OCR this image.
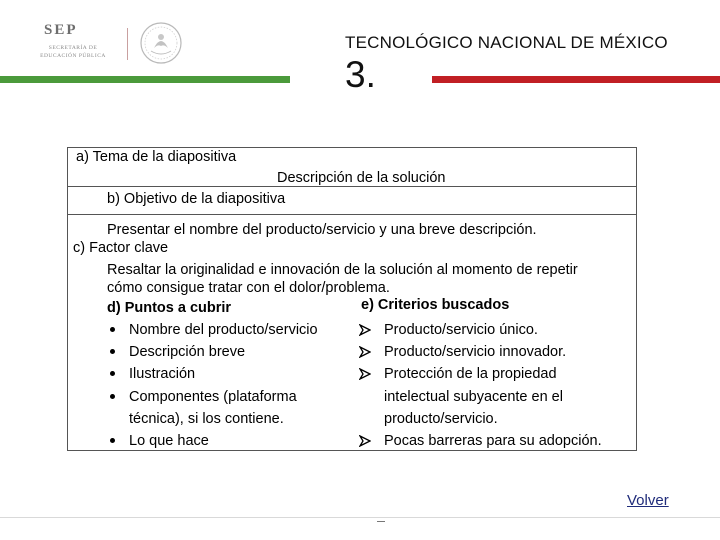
SEP
SECRETARÍA DE
EDUCACIÓN PÚBLICA
TECNOLÓGICO NACIONAL DE MÉXICO
3.
a) Tema de la diapositiva
Descripción de la solución
b) Objetivo de la diapositiva
Presentar el nombre del producto/servicio y una breve descripción.
c) Factor clave
Resaltar la originalidad e innovación de la solución al momento de repetir
cómo consigue tratar con el dolor/problema.
d) Puntos a cubrir	e) Criterios buscados
Nombre del producto/servicio
Descripción breve
Ilustración
Componentes (plataforma
técnica), si los contiene.
Lo que hace
Producto/servicio único.
Producto/servicio innovador.
Protección de la propiedad
intelectual subyacente en el
producto/servicio.
Pocas barreras para su adopción.
Volver
